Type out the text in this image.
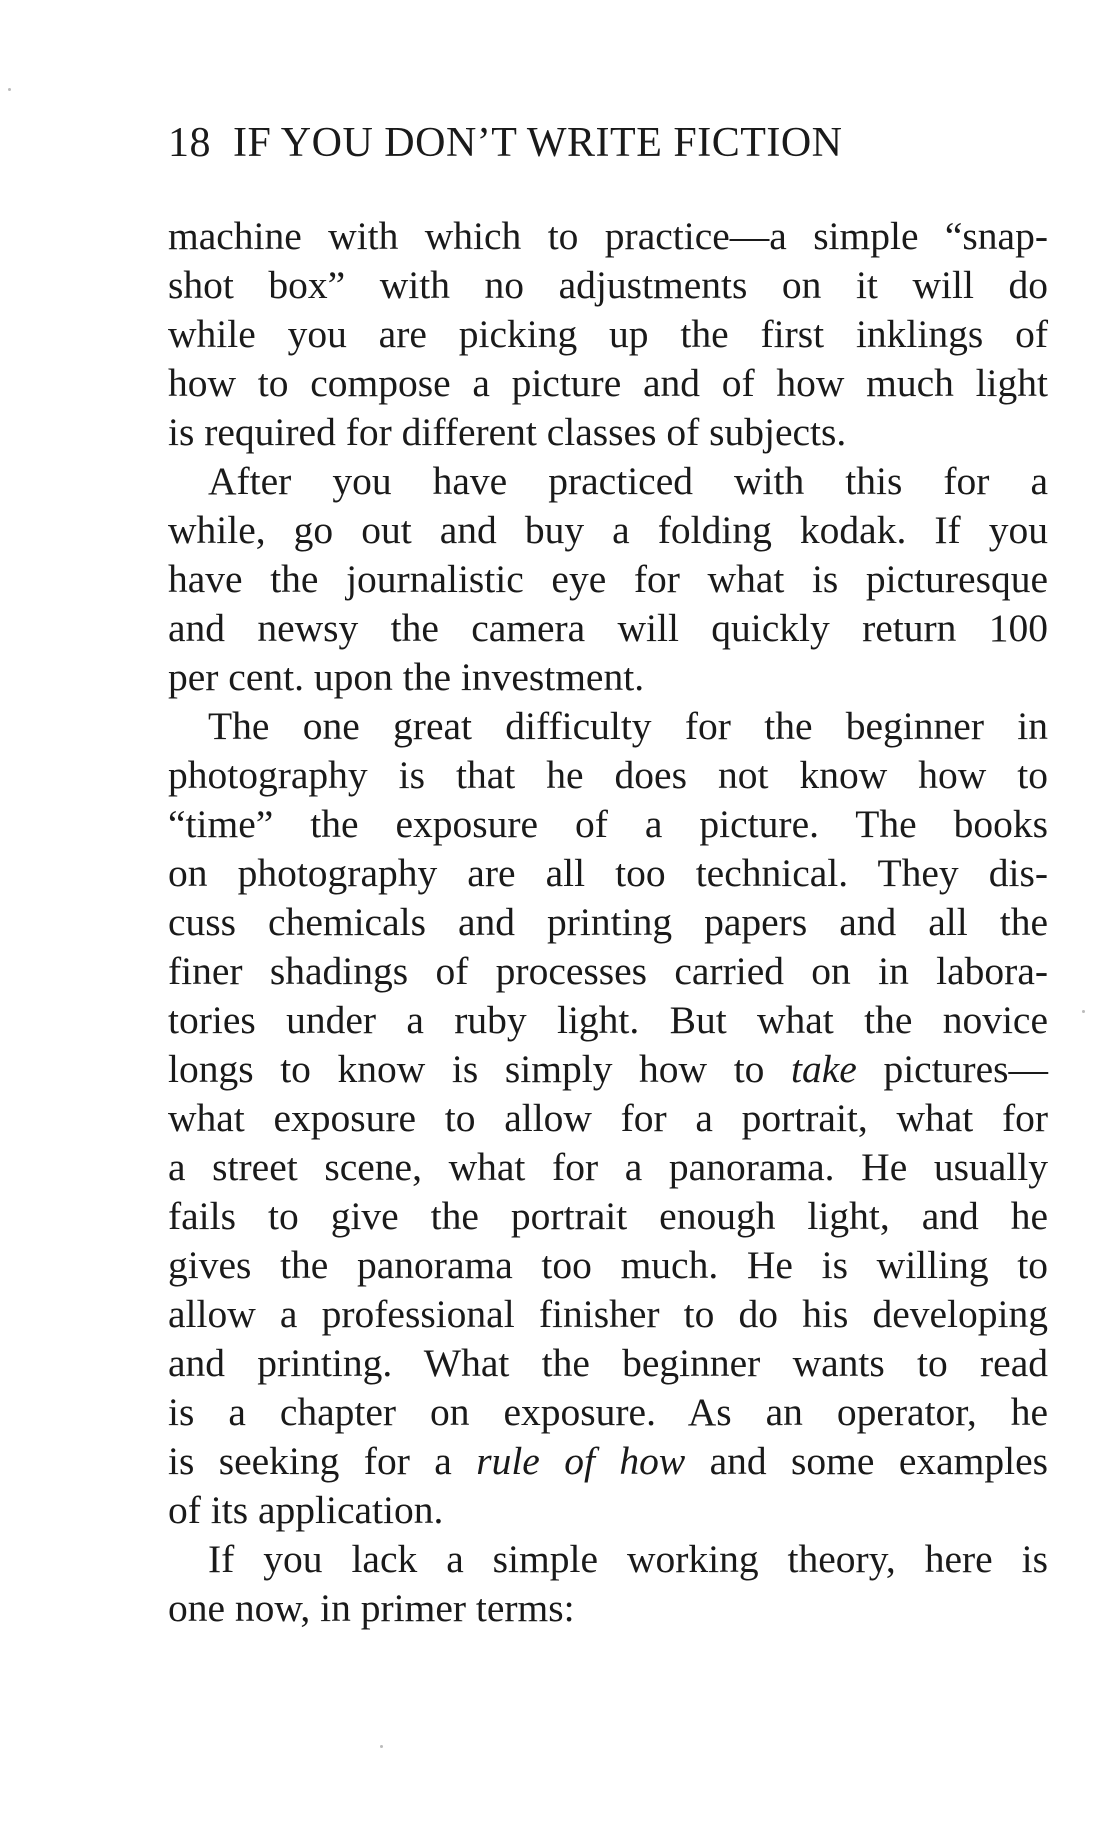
18 IF YOU DON’T WRITE FICTION
machine with which to practice—a simple “snap-
shot box” with no adjustments on it will do
while you are picking up the first inklings of
how to compose a picture and of how much light
is required for different classes of subjects.
After you have practiced with this for a
while, go out and buy a folding kodak. If you
have the journalistic eye for what is picturesque
and newsy the camera will quickly return 100
per cent. upon the investment.
The one great difficulty for the beginner in
photography is that he does not know how to
“time” the exposure of a picture. The books
on photography are all too technical. They dis-
cuss chemicals and printing papers and all the
finer shadings of processes carried on in labora-
tories under a ruby light. But what the novice
longs to know is simply how to take pictures—
what exposure to allow for a portrait, what for
a street scene, what for a panorama. He usually
fails to give the portrait enough light, and he
gives the panorama too much. He is willing to
allow a professional finisher to do his developing
and printing. What the beginner wants to read
is a chapter on exposure. As an operator, he
is seeking for a rule of how and some examples
of its application.
If you lack a simple working theory, here is
one now, in primer terms:
